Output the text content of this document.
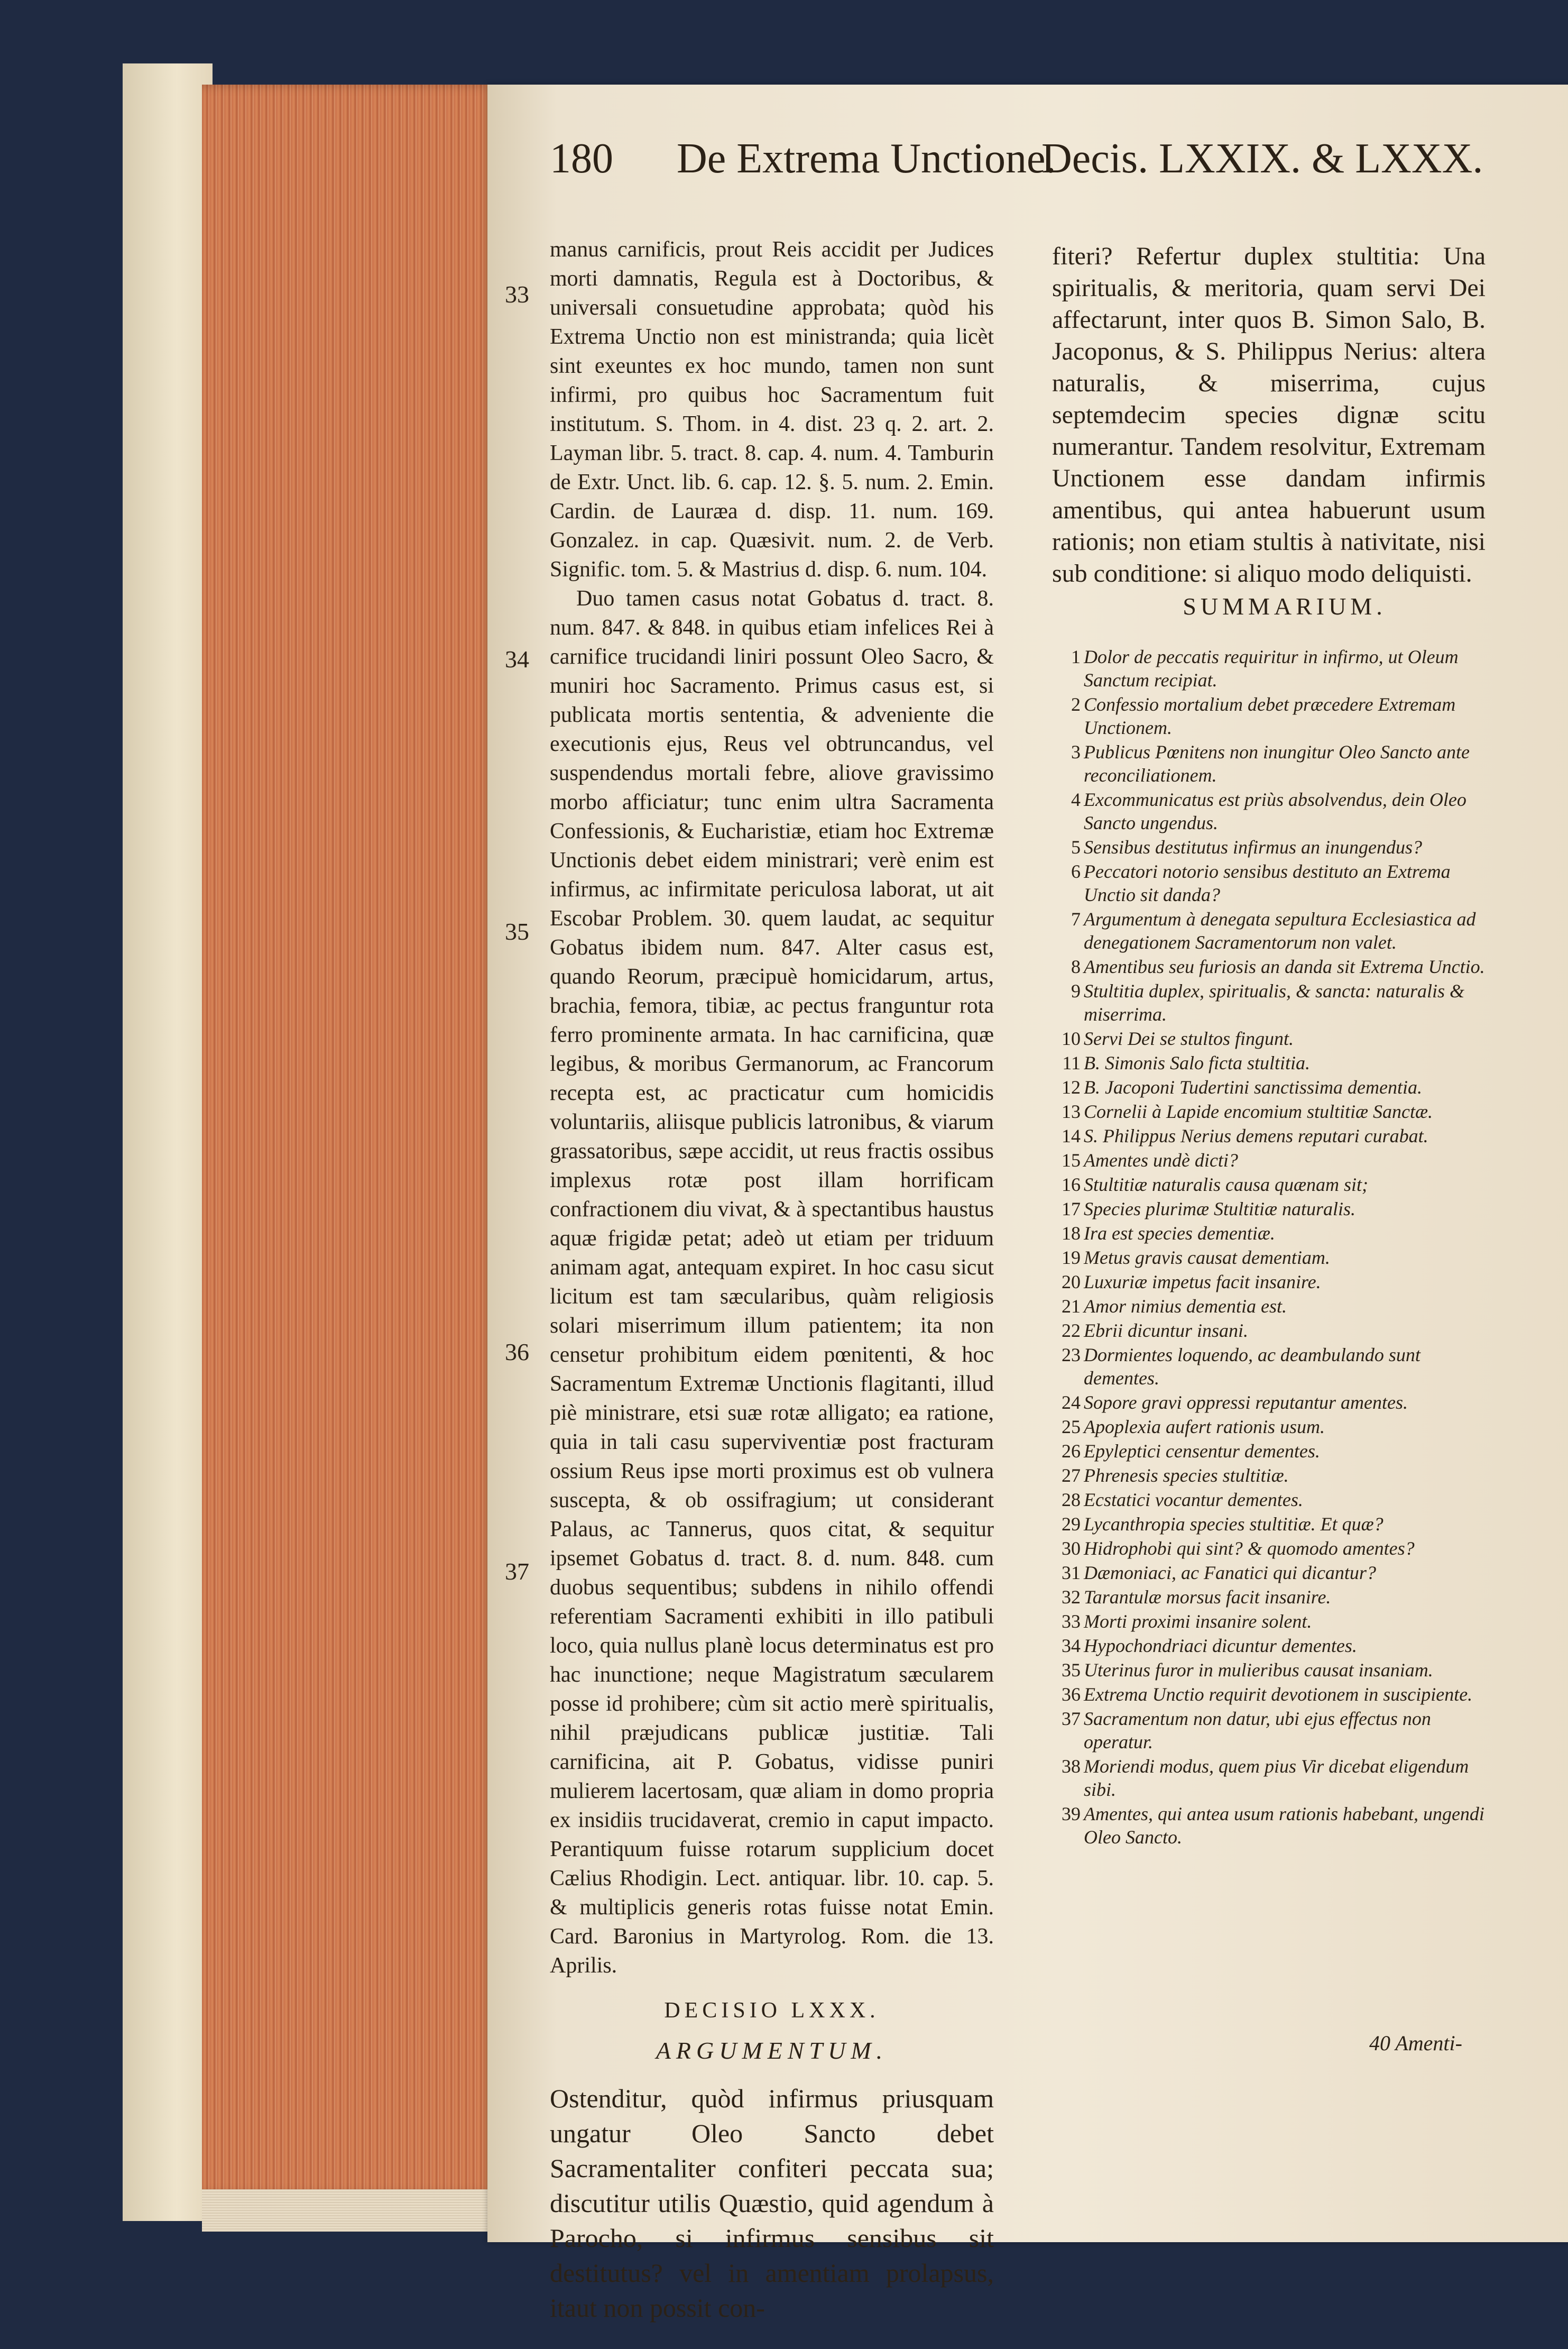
180 De Extrema Unctione.
Decis. LXXIX. & LXXX.
33
34
35
36
37

manus carnificis, prout Reis accidit per Judices morti damnatis, Regula est à Doctoribus, & universali consuetudine approbata; quòd his Extrema Unctio non est ministranda; quia licèt sint exeuntes ex hoc mundo, tamen non sunt infirmi, pro quibus hoc Sacramentum fuit institutum. S. Thom. in 4. dist. 23 q. 2. art. 2. Layman libr. 5. tract. 8. cap. 4. num. 4. Tamburin de Extr. Unct. lib. 6. cap. 12. §. 5. num. 2. Emin. Cardin. de Lauræa d. disp. 11. num. 169. Gonzalez. in cap. Quæsivit. num. 2. de Verb. Signific. tom. 5. & Mastrius d. disp. 6. num. 104.

Duo tamen casus notat Gobatus d. tract. 8. num. 847. & 848. in quibus etiam infelices Rei à carnifice trucidandi liniri possunt Oleo Sacro, & muniri hoc Sacramento. Primus casus est, si publicata mortis sententia, & adveniente die executionis ejus, Reus vel obtruncandus, vel suspendendus mortali febre, aliove gravissimo morbo afficiatur; tunc enim ultra Sacramenta Confessionis, & Eucharistiæ, etiam hoc Extremæ Unctionis debet eidem ministrari; verè enim est infirmus, ac infirmitate periculosa laborat, ut ait Escobar Problem. 30. quem laudat, ac sequitur Gobatus ibidem num. 847. Alter casus est, quando Reorum, præcipuè homicidarum, artus, brachia, femora, tibiæ, ac pectus franguntur rota ferro prominente armata. In hac carnificina, quæ legibus, & moribus Germanorum, ac Francorum recepta est, ac practicatur cum homicidis voluntariis, aliisque publicis latronibus, & viarum grassatoribus, sæpe accidit, ut reus fractis ossibus implexus rotæ post illam horrificam confractionem diu vivat, & à spectantibus haustus aquæ frigidæ petat; adeò ut etiam per triduum animam agat, antequam expiret. In hoc casu sicut licitum est tam sæcularibus, quàm religiosis solari miserrimum illum patientem; ita non censetur prohibitum eidem pœnitenti, & hoc Sacramentum Extremæ Unctionis flagitanti, illud piè ministrare, etsi suæ rotæ alligato; ea ratione, quia in tali casu superviventiæ post fracturam ossium Reus ipse morti proximus est ob vulnera suscepta, & ob ossifragium; ut considerant Palaus, ac Tannerus, quos citat, & sequitur ipsemet Gobatus d. tract. 8. d. num. 848. cum duobus sequentibus; subdens in nihilo offendi referentiam Sacramenti exhibiti in illo patibuli loco, quia nullus planè locus determinatus est pro hac inunctione; neque Magistratum sæcularem posse id prohibere; cùm sit actio merè spiritualis, nihil præjudicans publicæ justitiæ. Tali carnificina, ait P. Gobatus, vidisse puniri mulierem lacertosam, quæ aliam in domo propria ex insidiis trucidaverat, cremio in caput impacto. Perantiquum fuisse rotarum supplicium docet Cælius Rhodigin. Lect. antiquar. libr. 10. cap. 5. & multiplicis generis rotas fuisse notat Emin. Card. Baronius in Martyrolog. Rom. die 13. Aprilis.

DECISIO LXXX.

ARGUMENTUM.

Ostenditur, quòd infirmus priusquam ungatur Oleo Sancto debet Sacramentaliter confiteri peccata sua; discutitur utilis Quæstio, quid agendum à Parocho, si infirmus sensibus sit destitutus? vel in amentiam prolapsus, itaut non possit con-

fiteri? Refertur duplex stultitia: Una spiritualis, & meritoria, quam servi Dei affectarunt, inter quos B. Simon Salo, B. Jacoponus, & S. Philippus Nerius: altera naturalis, & miserrima, cujus septemdecim species dignæ scitu numerantur. Tandem resolvitur, Extremam Unctionem esse dandam infirmis amentibus, qui antea habuerunt usum rationis; non etiam stultis à nativitate, nisi sub conditione: si aliquo modo deliquisti.

SUMMARIUM.
1 Dolor de peccatis requiritur in infirmo, ut Oleum Sanctum recipiat.
2 Confessio mortalium debet præcedere Extremam Unctionem.
3 Publicus Pœnitens non inungitur Oleo Sancto ante reconciliationem.
4 Excommunicatus est priùs absolvendus, dein Oleo Sancto ungendus.
5 Sensibus destitutus infirmus an inungendus?
6 Peccatori notorio sensibus destituto an Extrema Unctio sit danda?
7 Argumentum à denegata sepultura Ecclesiastica ad denegationem Sacramentorum non valet.
8 Amentibus seu furiosis an danda sit Extrema Unctio.
9 Stultitia duplex, spiritualis, & sancta: naturalis & miserrima.
10 Servi Dei se stultos fingunt.
11 B. Simonis Salo ficta stultitia.
12 B. Jacoponi Tudertini sanctissima dementia.
13 Cornelii à Lapide encomium stultitiæ Sanctæ.
14 S. Philippus Nerius demens reputari curabat.
15 Amentes undè dicti?
16 Stultitiæ naturalis causa quænam sit;
17 Species plurimæ Stultitiæ naturalis.
18 Ira est species dementiæ.
19 Metus gravis causat dementiam.
20 Luxuriæ impetus facit insanire.
21 Amor nimius dementia est.
22 Ebrii dicuntur insani.
23 Dormientes loquendo, ac deambulando sunt dementes.
24 Sopore gravi oppressi reputantur amentes.
25 Apoplexia aufert rationis usum.
26 Epyleptici censentur dementes.
27 Phrenesis species stultitiæ.
28 Ecstatici vocantur dementes.
29 Lycanthropia species stultitiæ. Et quæ?
30 Hidrophobi qui sint? & quomodo amentes?
31 Dæmoniaci, ac Fanatici qui dicantur?
32 Tarantulæ morsus facit insanire.
33 Morti proximi insanire solent.
34 Hypochondriaci dicuntur dementes.
35 Uterinus furor in mulieribus causat insaniam.
36 Extrema Unctio requirit devotionem in suscipiente.
37 Sacramentum non datur, ubi ejus effectus non operatur.
38 Moriendi modus, quem pius Vir dicebat eligendum sibi.
39 Amentes, qui antea usum rationis habebant, ungendi Oleo Sancto.
40 Amenti-
